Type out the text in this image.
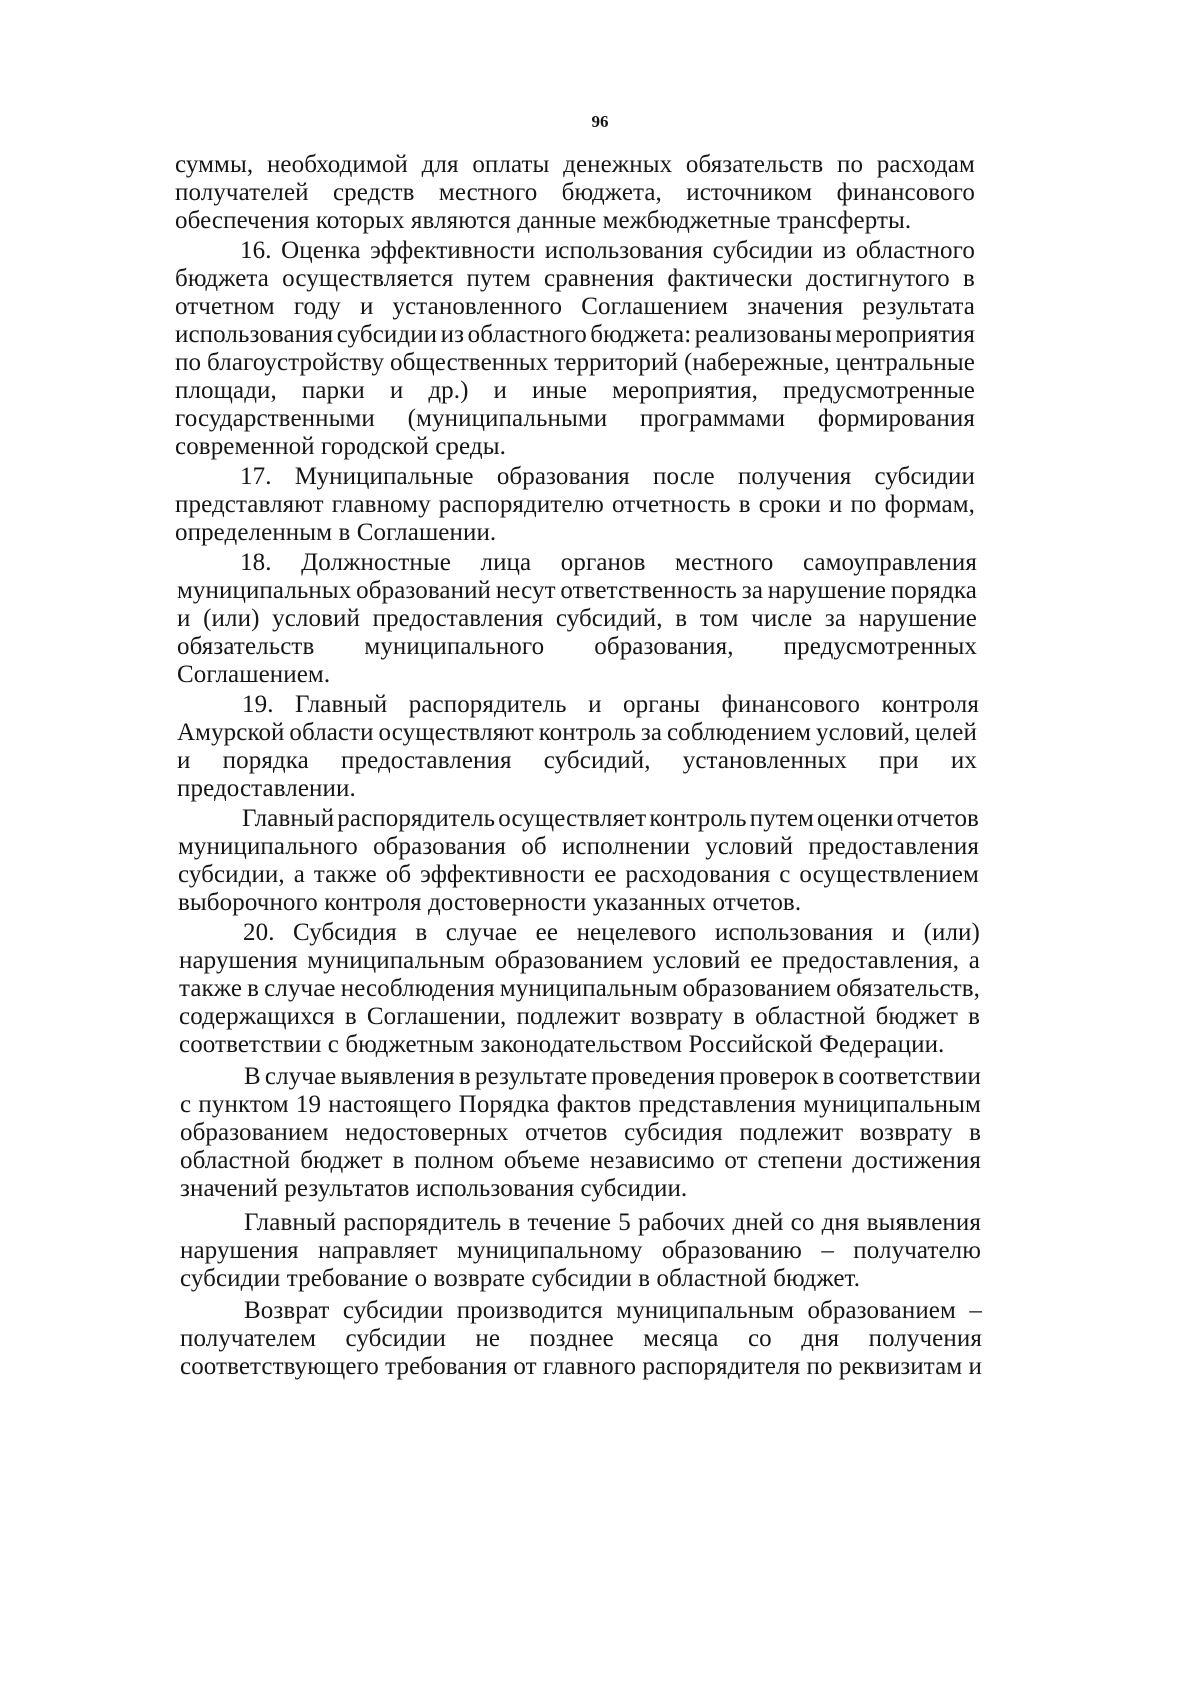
96
суммы, необходимой для оплаты денежных обязательств по расходам
получателей средств местного бюджета, источником финансового
обеспечения которых являются данные межбюджетные трансферты.
16. Оценка эффективности использования субсидии из областного
бюджета осуществляется путем сравнения фактически достигнутого в
отчетном году и установленного Соглашением значения результата
использования субсидии из областного бюджета: реализованы мероприятия
по благоустройству общественных территорий (набережные, центральные
площади, парки и др.) и иные мероприятия, предусмотренные
государственными (муниципальными программами формирования
современной городской среды.
17. Муниципальные образования после получения субсидии
представляют главному распорядителю отчетность в сроки и по формам,
определенным в Соглашении.
18. Должностные лица органов местного самоуправления
муниципальных образований несут ответственность за нарушение порядка
и (или) условий предоставления субсидий, в том числе за нарушение
обязательств муниципального образования, предусмотренных
Соглашением.
19. Главный распорядитель и органы финансового контроля
Амурской области осуществляют контроль за соблюдением условий, целей
и порядка предоставления субсидий, установленных при их
предоставлении.
Главный распорядитель осуществляет контроль путем оценки отчетов
муниципального образования об исполнении условий предоставления
субсидии, а также об эффективности ее расходования с осуществлением
выборочного контроля достоверности указанных отчетов.
20. Субсидия в случае ее нецелевого использования и (или)
нарушения муниципальным образованием условий ее предоставления, а
также в случае несоблюдения муниципальным образованием обязательств,
содержащихся в Соглашении, подлежит возврату в областной бюджет в
соответствии с бюджетным законодательством Российской Федерации.
В случае выявления в результате проведения проверок в соответствии
с пунктом 19 настоящего Порядка фактов представления муниципальным
образованием недостоверных отчетов субсидия подлежит возврату в
областной бюджет в полном объеме независимо от степени достижения
значений результатов использования субсидии.
Главный распорядитель в течение 5 рабочих дней со дня выявления
нарушения направляет муниципальному образованию – получателю
субсидии требование о возврате субсидии в областной бюджет.
Возврат субсидии производится муниципальным образованием –
получателем субсидии не позднее месяца со дня получения
соответствующего требования от главного распорядителя по реквизитам и
